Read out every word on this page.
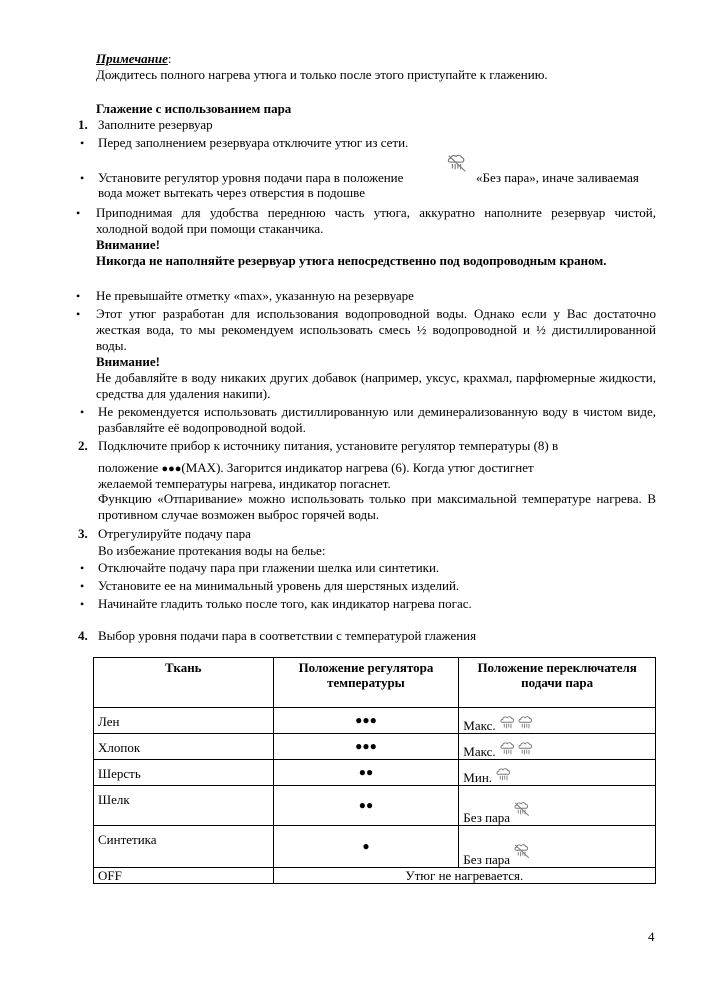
Примечание:
Дождитесь полного нагрева утюга и только после этого приступайте к глажению.
Глажение с использованием пара
1. Заполните резервуар
• Перед заполнением резервуара отключите утюг из сети.
• Установите регулятор уровня подачи пара в положение	«Без пара», иначе заливаемая
вода может вытекать через отверстия в подошве
• Приподнимая для удобства переднюю часть утюга, аккуратно наполните резервуар чистой, холодной водой при помощи стаканчика.
Внимание!
Никогда не наполняйте резервуар утюга непосредственно под водопроводным краном.
• Не превышайте отметку «max», указанную на резервуаре
• Этот утюг разработан для использования водопроводной воды. Однако если у Вас достаточно жесткая вода, то мы рекомендуем использовать смесь ½ водопроводной и ½ дистиллированной воды.
Внимание!
Не добавляйте в воду никаких других добавок (например, уксус, крахмал, парфюмерные жидкости, средства для удаления накипи).
• Не рекомендуется использовать дистиллированную или деминерализованную воду в чистом виде, разбавляйте её водопроводной водой.
2. Подключите прибор к источнику питания, установите регулятор температуры (8) в
положение ●●●(MAX). Загорится индикатор нагрева (6). Когда утюг достигнет
желаемой температуры нагрева, индикатор погаснет.
Функцию «Отпаривание» можно использовать только при максимальной температуре нагрева. В противном случае возможен выброс горячей воды.
3. Отрегулируйте подачу пара
Во избежание протекания воды на белье:
• Отключайте подачу пара при глажении шелка или синтетики.
• Установите ее на минимальный уровень для шерстяных изделий.
• Начинайте гладить только после того, как индикатор нагрева погас.
4. Выбор уровня подачи пара в соответствии с температурой глажения
Ткань	Положение регулятора температуры	Положение переключателя подачи пара
Лен	●●●	Макс.

Хлопок	●●●	Макс.

Шерсть	●●	Мин.

Шелк	●●	Без пара

Синтетика	●	Без пара

OFF	Утюг не нагревается.	
4
